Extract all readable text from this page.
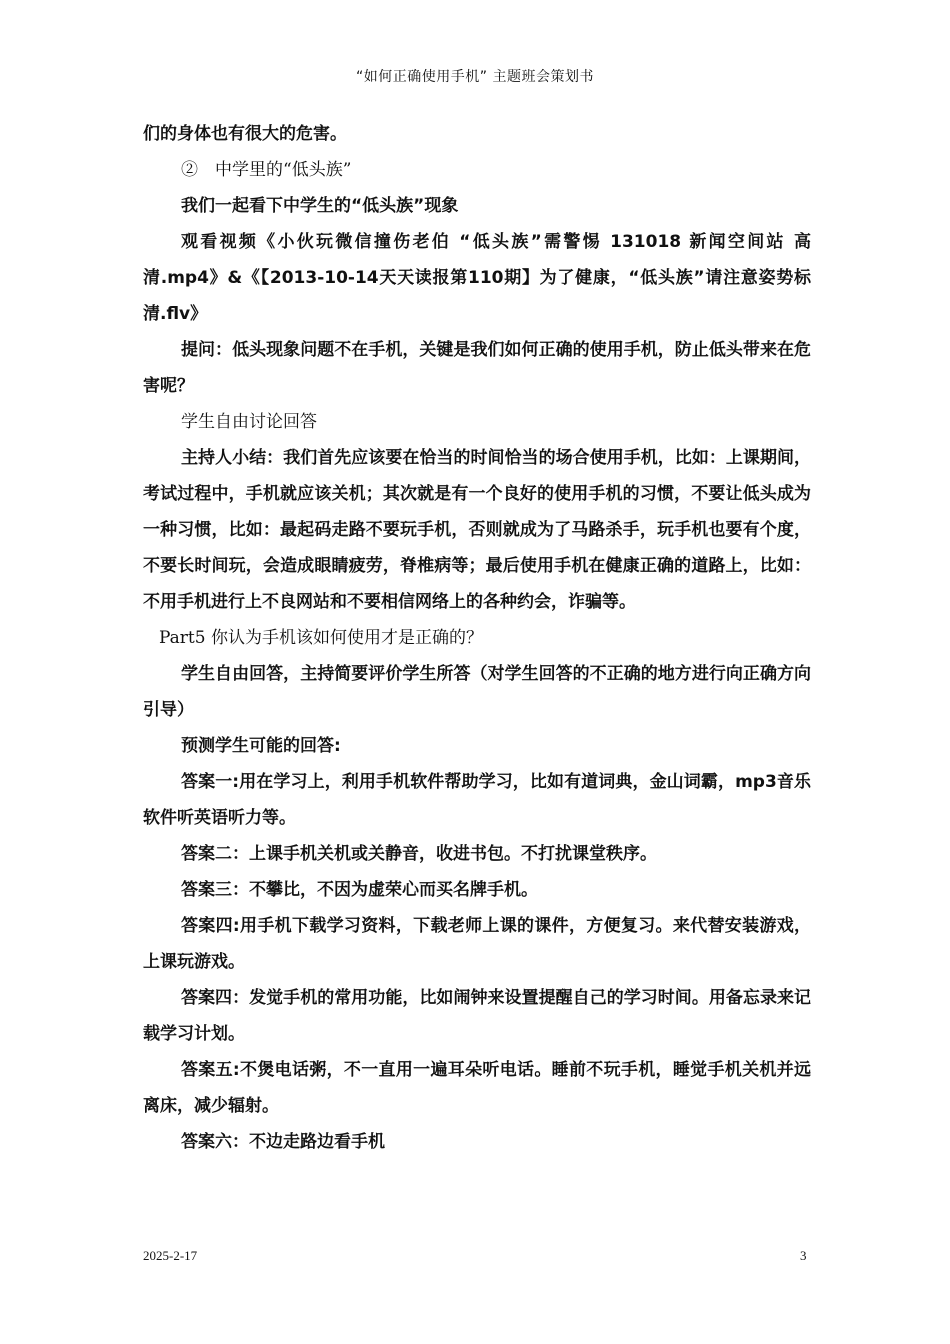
“如何正确使用手机” 主题班会策划书

们的身体也有很大的危害。

②　中学里的“低头族”

我们一起看下中学生的“低头族”现象

观看视频《小伙玩微信撞伤老伯 “低头族”需警惕 131018 新闻空间站 高清.mp4》&《【2013-10-14天天读报第110期】为了健康，“低头族”请注意姿势标清.flv》

提问：低头现象问题不在手机，关键是我们如何正确的使用手机，防止低头带来在危害呢？

学生自由讨论回答

主持人小结：我们首先应该要在恰当的时间恰当的场合使用手机，比如：上课期间，考试过程中，手机就应该关机；其次就是有一个良好的使用手机的习惯，不要让低头成为一种习惯，比如：最起码走路不要玩手机，否则就成为了马路杀手，玩手机也要有个度，不要长时间玩，会造成眼睛疲劳，脊椎病等；最后使用手机在健康正确的道路上，比如：不用手机进行上不良网站和不要相信网络上的各种约会，诈骗等。

Part5 你认为手机该如何使用才是正确的？

学生自由回答，主持简要评价学生所答（对学生回答的不正确的地方进行向正确方向引导）

预测学生可能的回答:

答案一:用在学习上，利用手机软件帮助学习，比如有道词典，金山词霸，mp3音乐软件听英语听力等。

答案二：上课手机关机或关静音，收进书包。不打扰课堂秩序。

答案三：不攀比，不因为虚荣心而买名牌手机。

答案四:用手机下载学习资料，下载老师上课的课件，方便复习。来代替安装游戏，上课玩游戏。

答案四：发觉手机的常用功能，比如闹钟来设置提醒自己的学习时间。用备忘录来记载学习计划。

答案五:不煲电话粥，不一直用一遍耳朵听电话。睡前不玩手机，睡觉手机关机并远离床，减少辐射。

答案六：不边走路边看手机

2025-2-17	3
